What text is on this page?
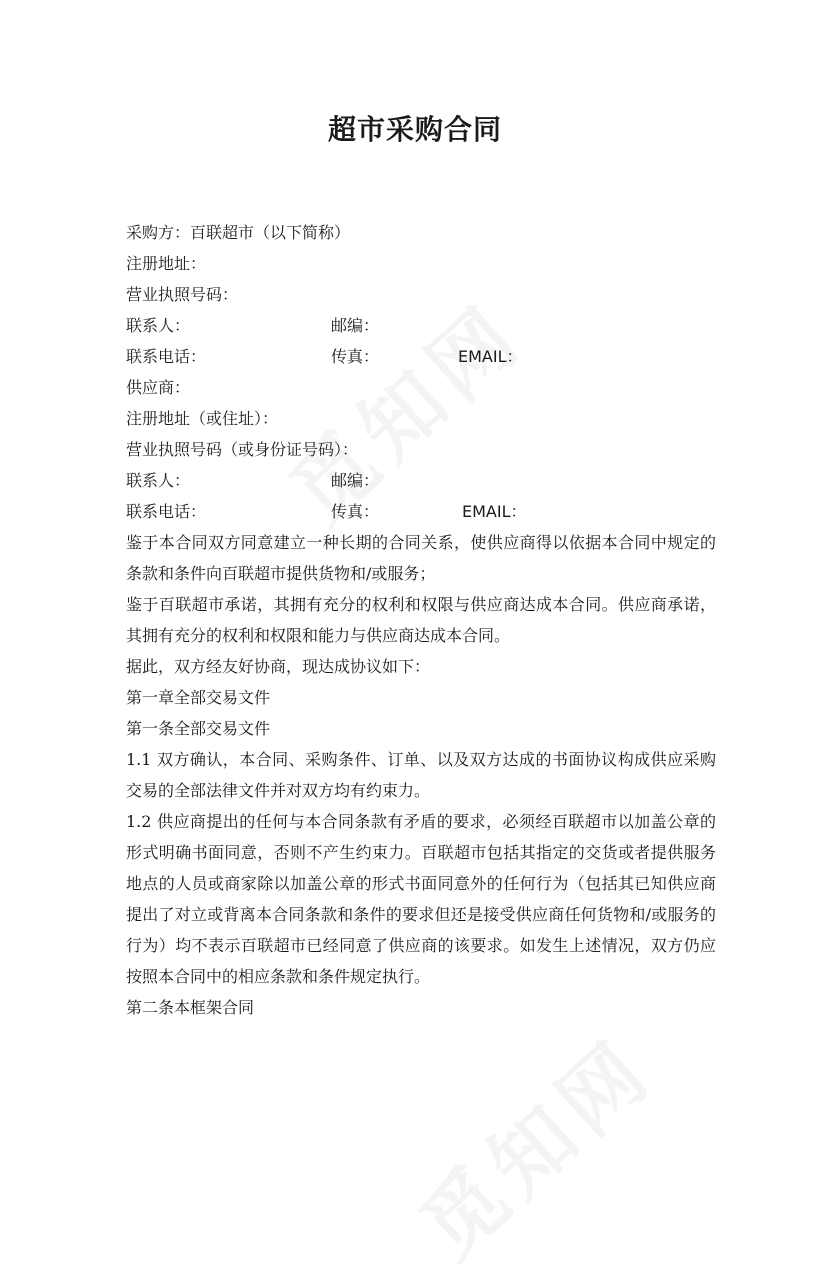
超市采购合同
采购方：百联超市（以下简称）
注册地址：
营业执照号码：
联系人：	邮编：
联系电话：	传真：	EMAIL：
供应商：
注册地址（或住址）：
营业执照号码（或身份证号码）：
联系人：	邮编：
联系电话：	传真：	EMAIL：
鉴于本合同双方同意建立一种长期的合同关系，使供应商得以依据本合同中规定的条款和条件向百联超市提供货物和/或服务；
鉴于百联超市承诺，其拥有充分的权利和权限与供应商达成本合同。供应商承诺，其拥有充分的权利和权限和能力与供应商达成本合同。
据此，双方经友好协商，现达成协议如下：
第一章全部交易文件
第一条全部交易文件
1.1 双方确认，本合同、采购条件、订单、以及双方达成的书面协议构成供应采购交易的全部法律文件并对双方均有约束力。
1.2 供应商提出的任何与本合同条款有矛盾的要求，必须经百联超市以加盖公章的形式明确书面同意，否则不产生约束力。百联超市包括其指定的交货或者提供服务地点的人员或商家除以加盖公章的形式书面同意外的任何行为（包括其已知供应商提出了对立或背离本合同条款和条件的要求但还是接受供应商任何货物和/或服务的行为）均不表示百联超市已经同意了供应商的该要求。如发生上述情况，双方仍应按照本合同中的相应条款和条件规定执行。
第二条本框架合同
